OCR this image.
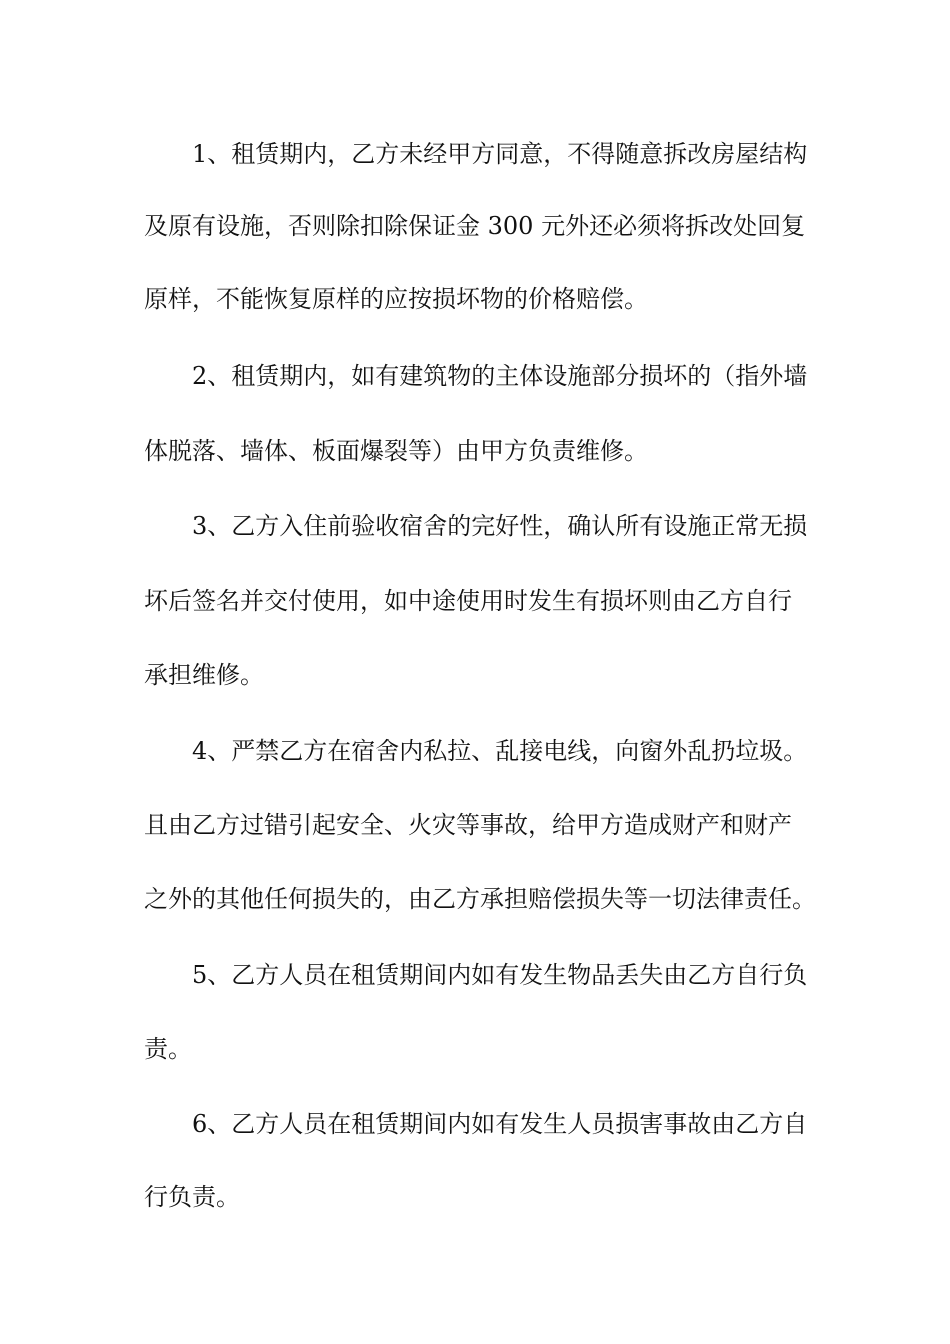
1、租赁期内，乙方未经甲方同意，不得随意拆改房屋结构
及原有设施，否则除扣除保证金 300 元外还必须将拆改处回复
原样，不能恢复原样的应按损坏物的价格赔偿。
2、租赁期内，如有建筑物的主体设施部分损坏的（指外墙
体脱落、墙体、板面爆裂等）由甲方负责维修。
3、乙方入住前验收宿舍的完好性，确认所有设施正常无损
坏后签名并交付使用，如中途使用时发生有损坏则由乙方自行
承担维修。
4、严禁乙方在宿舍内私拉、乱接电线，向窗外乱扔垃圾。
且由乙方过错引起安全、火灾等事故，给甲方造成财产和财产
之外的其他任何损失的，由乙方承担赔偿损失等一切法律责任。
5、乙方人员在租赁期间内如有发生物品丢失由乙方自行负
责。
6、乙方人员在租赁期间内如有发生人员损害事故由乙方自
行负责。
